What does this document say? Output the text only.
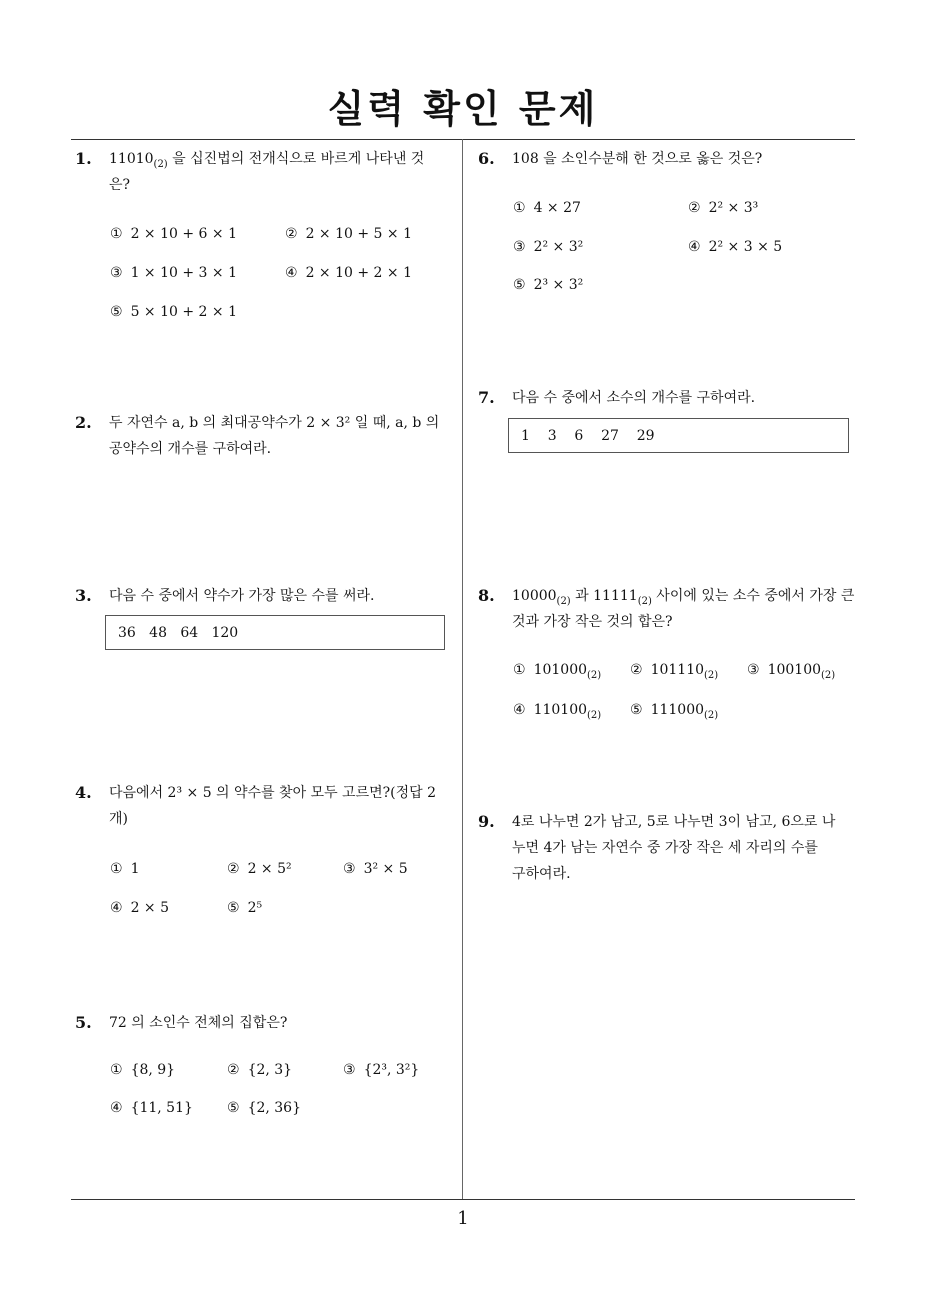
실력 확인 문제
1
1. $11010_{(2)}$ 을 십진법의 전개식으로 바르게 나타낸 것
은?
① 2 × 10 + 6 × 1	② 2 × 10 + 5 × 1
③ 1 × 10 + 3 × 1	④ 2 × 10 + 2 × 1
⑤ 5 × 10 + 2 × 1
2. 두 자연수 a, b 의 최대공약수가 2 × 3² 일 때, a, b 의
공약수의 개수를 구하여라.
3. 다음 수 중에서 약수가 가장 많은 수를 써라.
36   48   64   120
4. 다음에서 2³ × 5 의 약수를 찾아 모두 고르면?(정답 2
개)
① 1	② 2 × 5²	③ 3² × 5
④ 2 × 5	⑤ 2⁵
5. 72 의 소인수 전체의 집합은?
① {8, 9}	② {2, 3}	③ {2³, 3²}
④ {11, 51} ⑤ {2, 36}
6. 108 을 소인수분해 한 것으로 옳은 것은?
① 4 × 27	② 2² × 3³
③ 2² × 3²	④ 2² × 3 × 5
⑤ 2³ × 3²
7. 다음 수 중에서 소수의 개수를 구하여라.
1    3    6    27    29
8. $10000_{(2)}$ 과 $11111_{(2)}$ 사이에 있는 소수 중에서 가장 큰
것과 가장 작은 것의 합은?
① $101000_{(2)}$ ② $101110_{(2)}$ ③ $100100_{(2)}$
④ $110100_{(2)}$ ⑤ $111000_{(2)}$
9. 4로 나누면 2가 남고, 5로 나누면 3이 남고, 6으로 나
누면 4가 남는 자연수 중 가장 작은 세 자리의 수를
구하여라.
